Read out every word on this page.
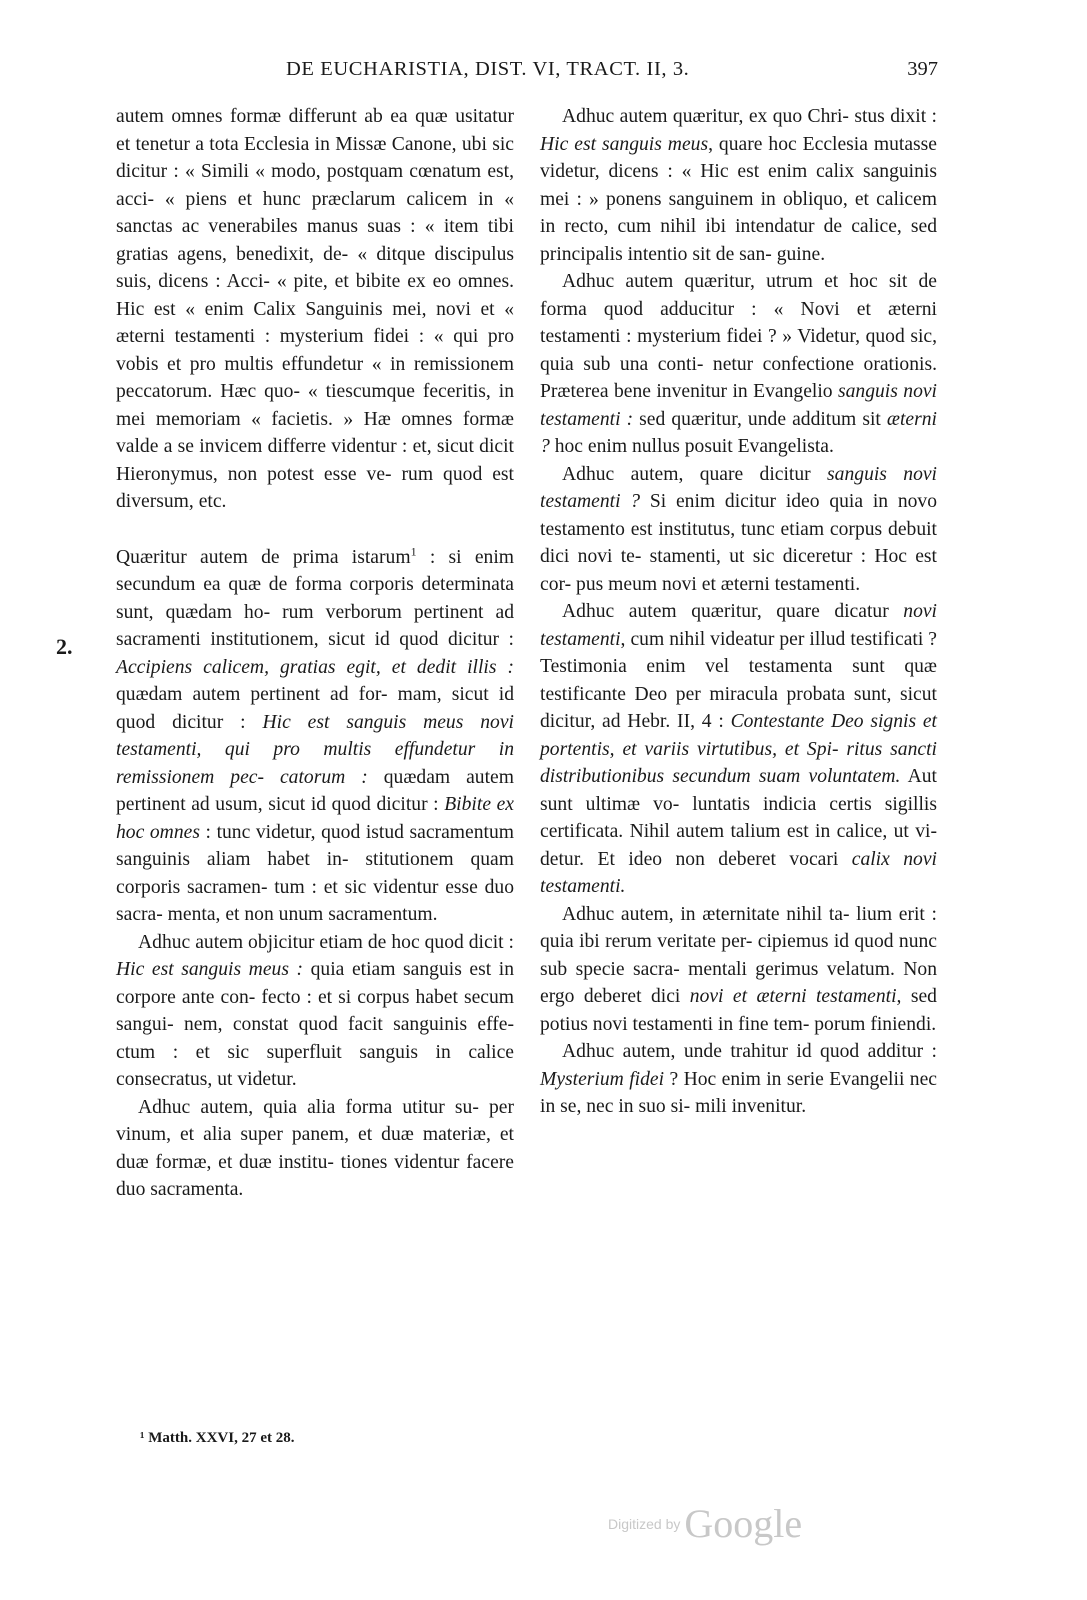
DE EUCHARISTIA, DIST. VI, TRACT. II, 3.	397

autem omnes formæ differunt ab ea quæ usitatur et tenetur a tota Ecclesia in Missæ Canone, ubi sic dicitur : « Simili « modo, postquam cœnatum est, acci- « piens et hunc præclarum calicem in « sanctas ac venerabiles manus suas : « item tibi gratias agens, benedixit, de- « ditque discipulus suis, dicens : Acci- « pite, et bibite ex eo omnes. Hic est « enim Calix Sanguinis mei, novi et « æterni testamenti : mysterium fidei : « qui pro vobis et pro multis effundetur « in remissionem peccatorum. Hæc quo- « tiescumque feceritis, in mei memoriam « facietis. » Hæ omnes formæ valde a se invicem differre videntur : et, sicut dicit Hieronymus, non potest esse ve- rum quod est diversum, etc.

Quæritur autem de prima istarum$^1$ : si enim secundum ea quæ de forma corporis determinata sunt, quædam ho- rum verborum pertinent ad sacramenti institutionem, sicut id quod dicitur : Accipiens calicem, gratias egit, et dedit illis : quædam autem pertinent ad for- mam, sicut id quod dicitur : Hic est sanguis meus novi testamenti, qui pro multis effundetur in remissionem pec- catorum : quædam autem pertinent ad usum, sicut id quod dicitur : Bibite ex hoc omnes : tunc videtur, quod istud sacramentum sanguinis aliam habet in- stitutionem quam corporis sacramen- tum : et sic videntur esse duo sacra- menta, et non unum sacramentum.

Adhuc autem objicitur etiam de hoc quod dicit : Hic est sanguis meus : quia etiam sanguis est in corpore ante con- fecto : et si corpus habet secum sangui- nem, constat quod facit sanguinis effe- ctum : et sic superfluit sanguis in calice consecratus, ut videtur.

Adhuc autem, quia alia forma utitur su- per vinum, et alia super panem, et duæ materiæ, et duæ formæ, et duæ institu- tiones videntur facere duo sacramenta.

2.

Adhuc autem quæritur, ex quo Chri- stus dixit : Hic est sanguis meus, quare hoc Ecclesia mutasse videtur, dicens : « Hic est enim calix sanguinis mei : » ponens sanguinem in obliquo, et calicem in recto, cum nihil ibi intendatur de calice, sed principalis intentio sit de san- guine.

Adhuc autem quæritur, utrum et hoc sit de forma quod adducitur : « Novi et æterni testamenti : mysterium fidei ? » Videtur, quod sic, quia sub una conti- netur confectione orationis. Præterea bene invenitur in Evangelio sanguis novi testamenti : sed quæritur, unde additum sit æterni ? hoc enim nullus posuit Evangelista.

Adhuc autem, quare dicitur sanguis novi testamenti ? Si enim dicitur ideo quia in novo testamento est institutus, tunc etiam corpus debuit dici novi te- stamenti, ut sic diceretur : Hoc est cor- pus meum novi et æterni testamenti.

Adhuc autem quæritur, quare dicatur novi testamenti, cum nihil videatur per illud testificati ? Testimonia enim vel testamenta sunt quæ testificante Deo per miracula probata sunt, sicut dicitur, ad Hebr. II, 4 : Contestante Deo signis et portentis, et variis virtutibus, et Spi- ritus sancti distributionibus secundum suam voluntatem. Aut sunt ultimæ vo- luntatis indicia certis sigillis certificata. Nihil autem talium est in calice, ut vi- detur. Et ideo non deberet vocari calix novi testamenti.

Adhuc autem, in æternitate nihil ta- lium erit : quia ibi rerum veritate per- cipiemus id quod nunc sub specie sacra- mentali gerimus velatum. Non ergo deberet dici novi et æterni testamenti, sed potius novi testamenti in fine tem- porum finiendi.

Adhuc autem, unde trahitur id quod additur : Mysterium fidei ? Hoc enim in serie Evangelii nec in se, nec in suo si- mili invenitur.

¹ Matth. XXVI, 27 et 28.
Digitized by Google
